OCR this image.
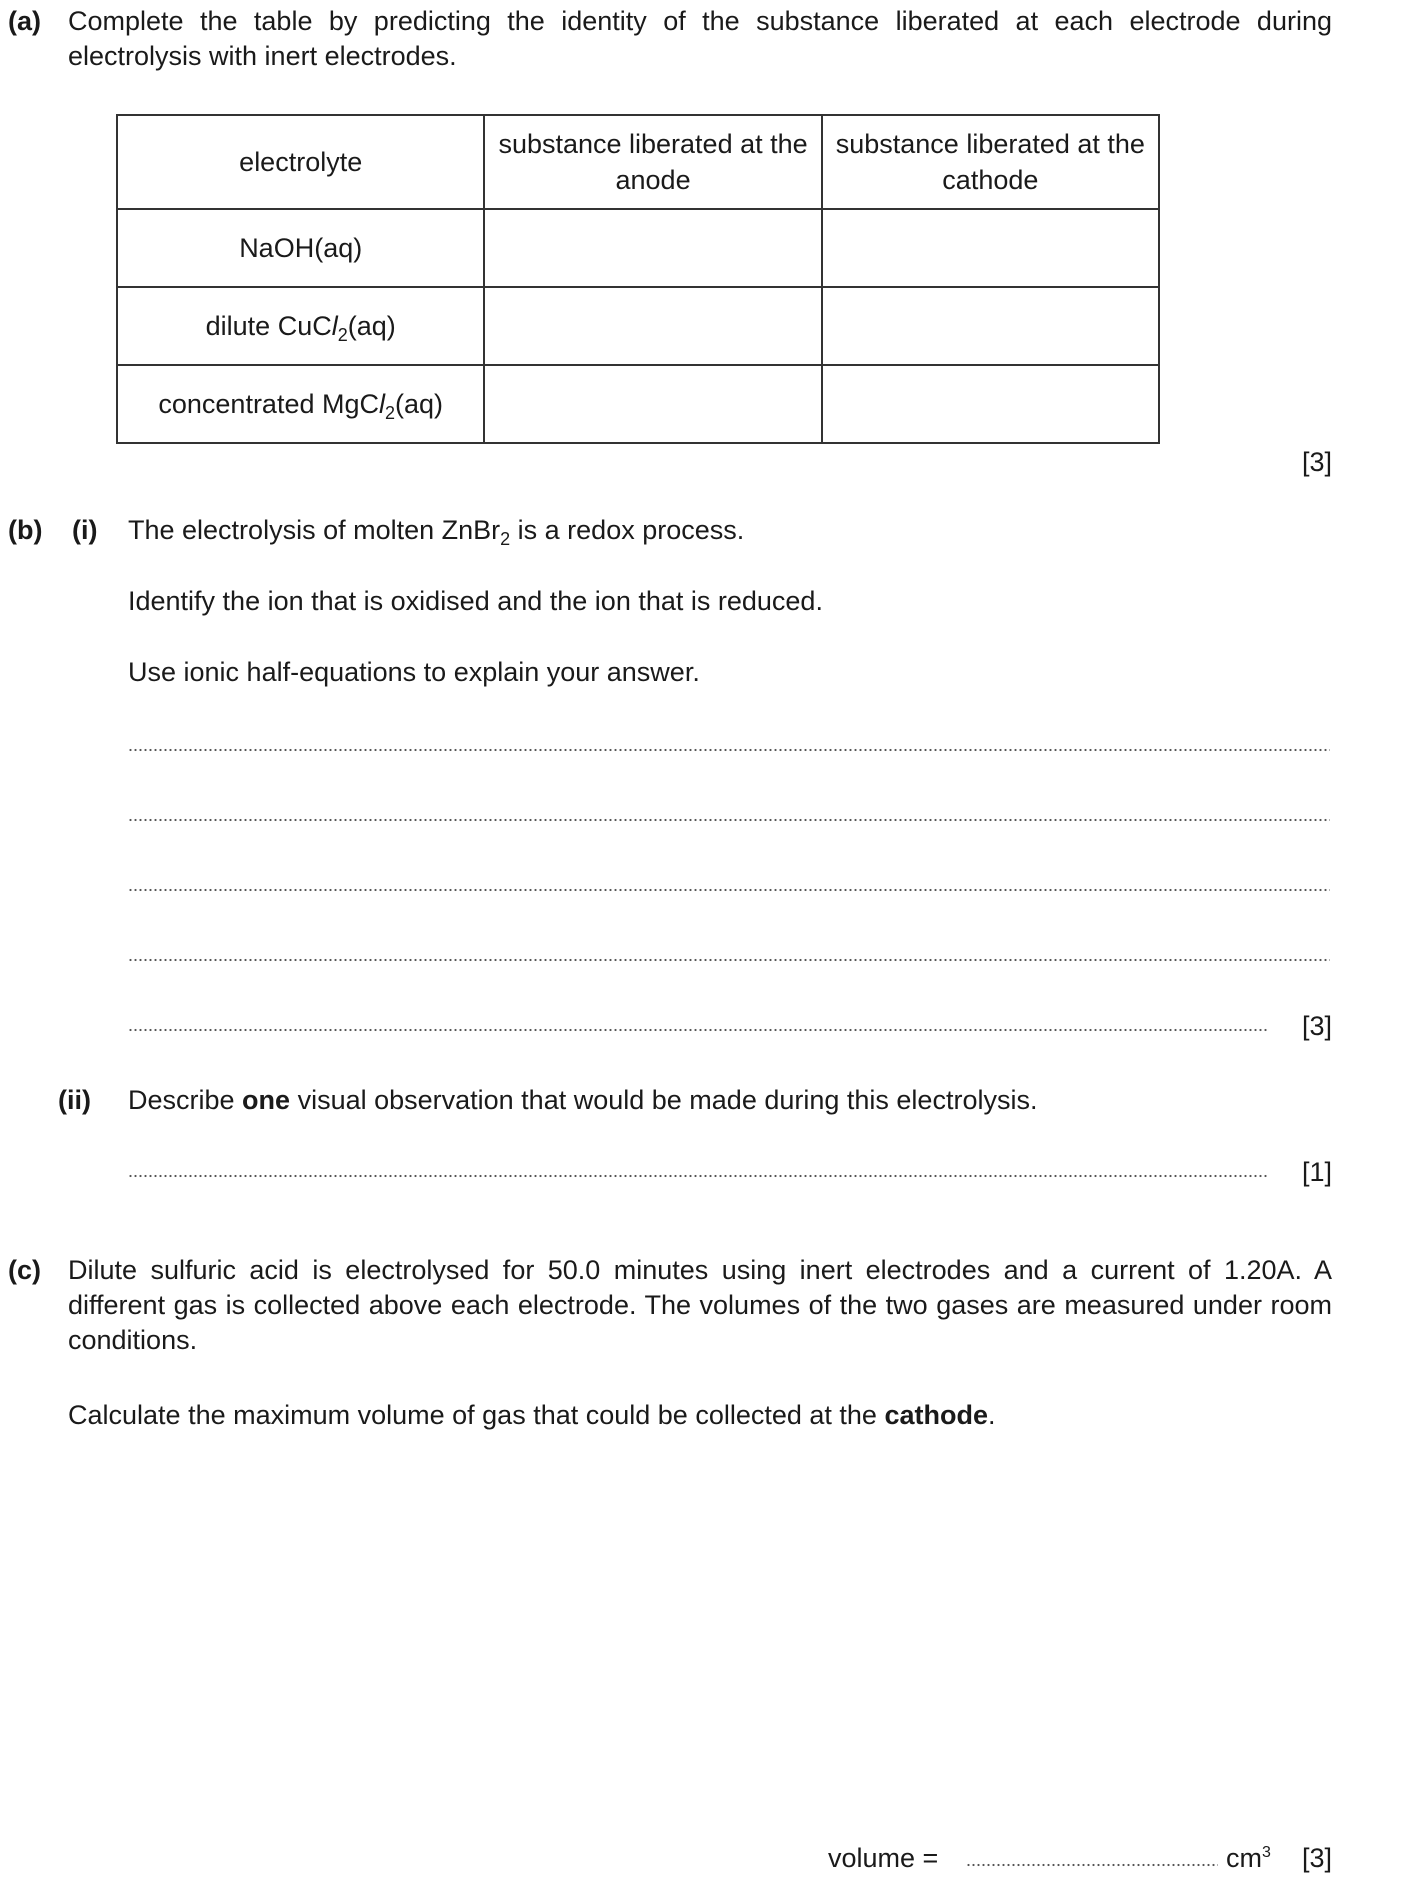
(a) Complete the table by predicting the identity of the substance liberated at each electrode during electrolysis with inert electrodes.
electrolyte	substance liberated at the anode	substance liberated at the cathode
NaOH(aq)		
dilute CuCl$_2$(aq)		
concentrated MgCl$_2$(aq)		
[3]
(b) (i) The electrolysis of molten ZnBr$_2$ is a redox process.
Identify the ion that is oxidised and the ion that is reduced.
Use ionic half-equations to explain your answer.
[3]
(ii) Describe one visual observation that would be made during this electrolysis.
[1]
(c) Dilute sulfuric acid is electrolysed for 50.0 minutes using inert electrodes and a current of 1.20A. A different gas is collected above each electrode. The volumes of the two gases are measured under room conditions.
Calculate the maximum volume of gas that could be collected at the cathode.
volume =	$cm^3$ [3]
